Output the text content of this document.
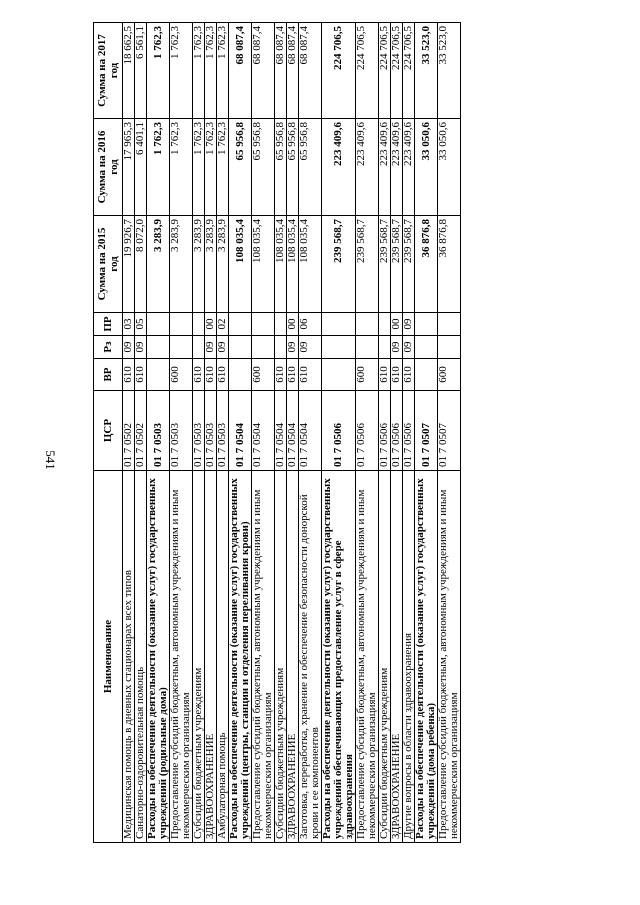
541
Наименование	ЦСР	ВР	Рз	ПР	Сумма на 2015 год	Сумма на 2016 год	Сумма на 2017 год
Медицинская помощь в дневных стационарах всех типов	01 7 0502	610	09	03	19 926,7	17 965,3	18 662,5
Санаторно-оздоровительная помощь	01 7 0502	610	09	05	8 072,0	6 401,1	6 561,1
Расходы на обеспечение деятельности (оказание услуг) государственных учреждений (родильные дома)	01 7 0503				3 283,9	1 762,3	1 762,3
Предоставление субсидий бюджетным, автономным учреждениям и иным некоммерческим организациям	01 7 0503	600			3 283,9	1 762,3	1 762,3
Субсидии бюджетным учреждениям	01 7 0503	610			3 283,9	1 762,3	1 762,3
ЗДРАВООХРАНЕНИЕ	01 7 0503	610	09	00	3 283,9	1 762,3	1 762,3
Амбулаторная помощь	01 7 0503	610	09	02	3 283,9	1 762,3	1 762,3
Расходы на обеспечение деятельности (оказание услуг) государственных учреждений (центры, станции и отделения переливания крови)	01 7 0504				108 035,4	65 956,8	68 087,4
Предоставление субсидий бюджетным, автономным учреждениям и иным некоммерческим организациям	01 7 0504	600			108 035,4	65 956,8	68 087,4
Субсидии бюджетным учреждениям	01 7 0504	610			108 035,4	65 956,8	68 087,4
ЗДРАВООХРАНЕНИЕ	01 7 0504	610	09	00	108 035,4	65 956,8	68 087,4
Заготовка, переработка, хранение и обеспечение безопасности донорской крови и ее компонентов	01 7 0504	610	09	06	108 035,4	65 956,8	68 087,4
Расходы на обеспечение деятельности (оказание услуг) государственных учреждений обеспечивающих предоставление услуг в сфере здравоохранения	01 7 0506				239 568,7	223 409,6	224 706,5
Предоставление субсидий бюджетным, автономным учреждениям и иным некоммерческим организациям	01 7 0506	600			239 568,7	223 409,6	224 706,5
Субсидии бюджетным учреждениям	01 7 0506	610			239 568,7	223 409,6	224 706,5
ЗДРАВООХРАНЕНИЕ	01 7 0506	610	09	00	239 568,7	223 409,6	224 706,5
Другие вопросы в области здравоохранения	01 7 0506	610	09	09	239 568,7	223 409,6	224 706,5
Расходы на обеспечение деятельности (оказание услуг) государственных учреждений (дома ребенка)	01 7 0507				36 876,8	33 050,6	33 523,0
Предоставление субсидий бюджетным, автономным учреждениям и иным некоммерческим организациям	01 7 0507	600			36 876,8	33 050,6	33 523,0
